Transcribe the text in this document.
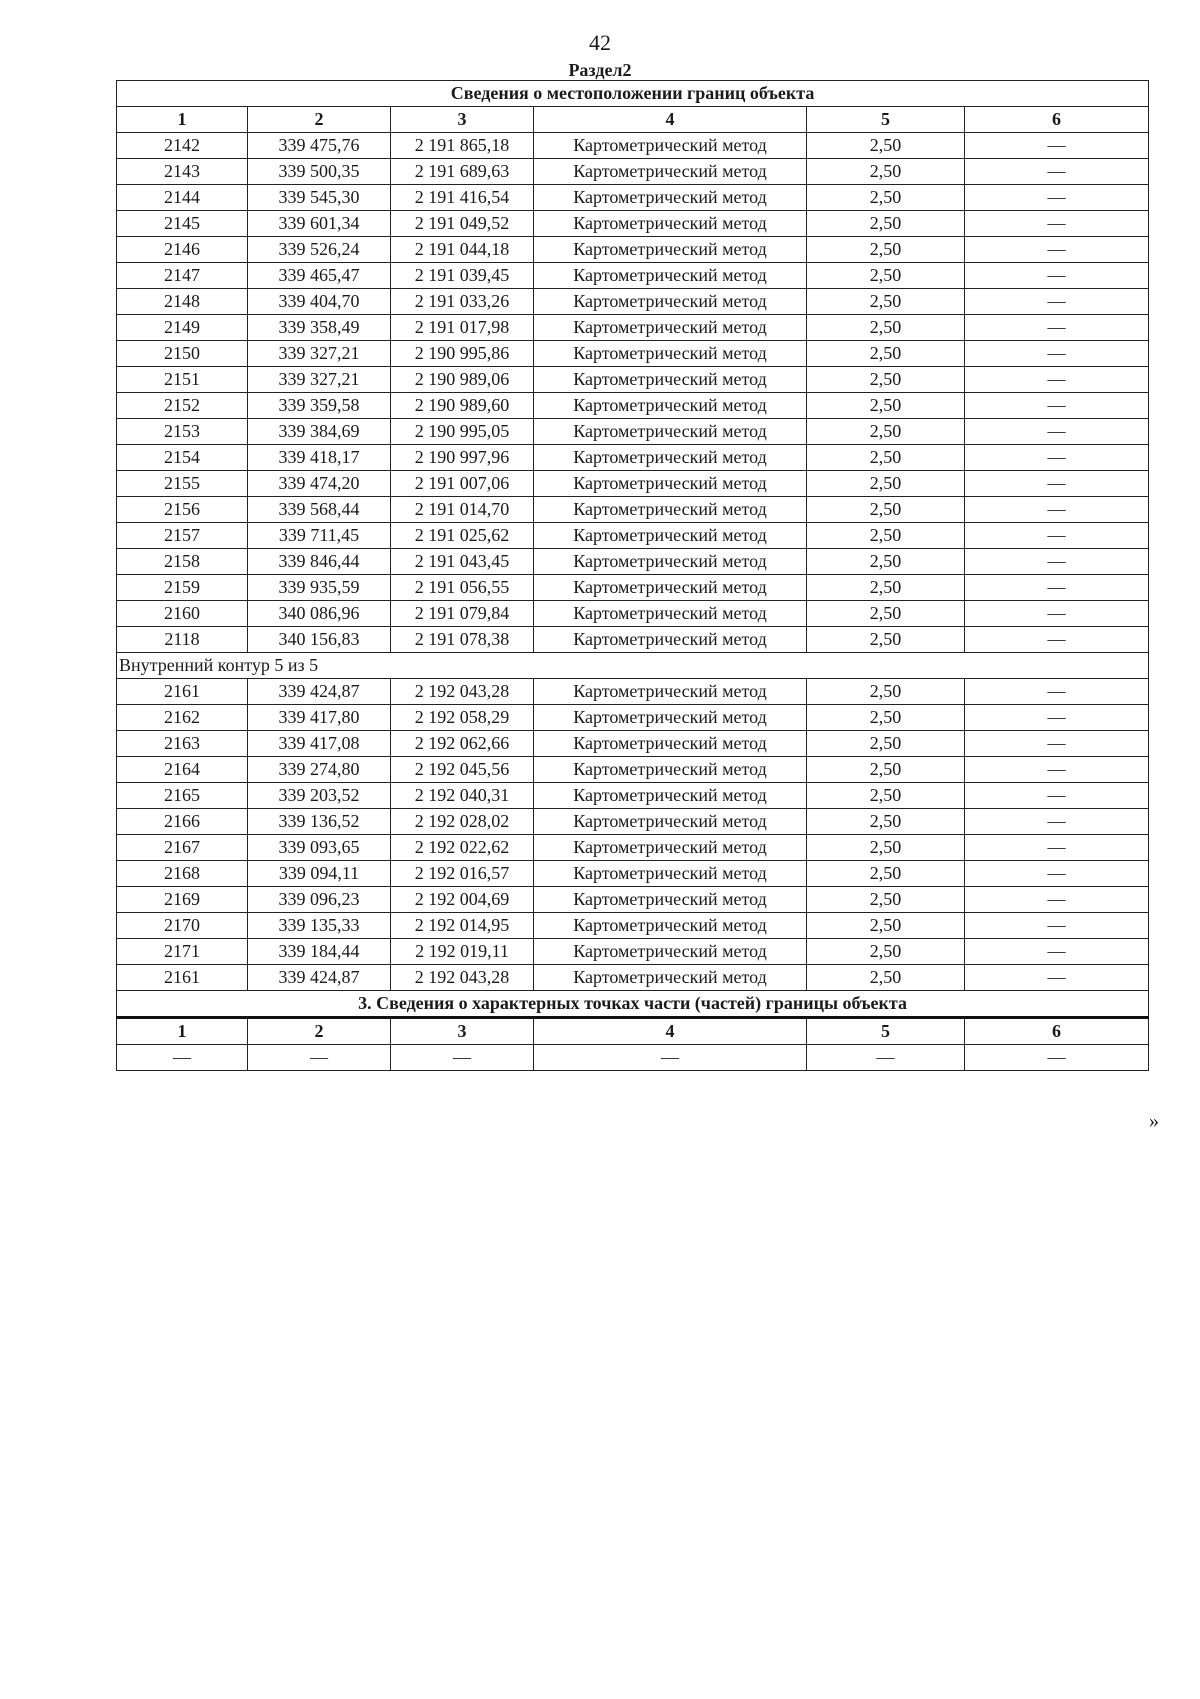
42
Раздел2
Сведения о местоположении границ объекта					
1	2	3	4	5	6
2142	339 475,76	2 191 865,18	Картометрический метод	2,50	—
2143	339 500,35	2 191 689,63	Картометрический метод	2,50	—
2144	339 545,30	2 191 416,54	Картометрический метод	2,50	—
2145	339 601,34	2 191 049,52	Картометрический метод	2,50	—
2146	339 526,24	2 191 044,18	Картометрический метод	2,50	—
2147	339 465,47	2 191 039,45	Картометрический метод	2,50	—
2148	339 404,70	2 191 033,26	Картометрический метод	2,50	—
2149	339 358,49	2 191 017,98	Картометрический метод	2,50	—
2150	339 327,21	2 190 995,86	Картометрический метод	2,50	—
2151	339 327,21	2 190 989,06	Картометрический метод	2,50	—
2152	339 359,58	2 190 989,60	Картометрический метод	2,50	—
2153	339 384,69	2 190 995,05	Картометрический метод	2,50	—
2154	339 418,17	2 190 997,96	Картометрический метод	2,50	—
2155	339 474,20	2 191 007,06	Картометрический метод	2,50	—
2156	339 568,44	2 191 014,70	Картометрический метод	2,50	—
2157	339 711,45	2 191 025,62	Картометрический метод	2,50	—
2158	339 846,44	2 191 043,45	Картометрический метод	2,50	—
2159	339 935,59	2 191 056,55	Картометрический метод	2,50	—
2160	340 086,96	2 191 079,84	Картометрический метод	2,50	—
2118	340 156,83	2 191 078,38	Картометрический метод	2,50	—
Внутренний контур 5 из 5					
2161	339 424,87	2 192 043,28	Картометрический метод	2,50	—
2162	339 417,80	2 192 058,29	Картометрический метод	2,50	—
2163	339 417,08	2 192 062,66	Картометрический метод	2,50	—
2164	339 274,80	2 192 045,56	Картометрический метод	2,50	—
2165	339 203,52	2 192 040,31	Картометрический метод	2,50	—
2166	339 136,52	2 192 028,02	Картометрический метод	2,50	—
2167	339 093,65	2 192 022,62	Картометрический метод	2,50	—
2168	339 094,11	2 192 016,57	Картометрический метод	2,50	—
2169	339 096,23	2 192 004,69	Картометрический метод	2,50	—
2170	339 135,33	2 192 014,95	Картометрический метод	2,50	—
2171	339 184,44	2 192 019,11	Картометрический метод	2,50	—
2161	339 424,87	2 192 043,28	Картометрический метод	2,50	—
3. Сведения о характерных точках части (частей) границы объекта					
1	2	3	4	5	6
—	—	—	—	—	—
»
